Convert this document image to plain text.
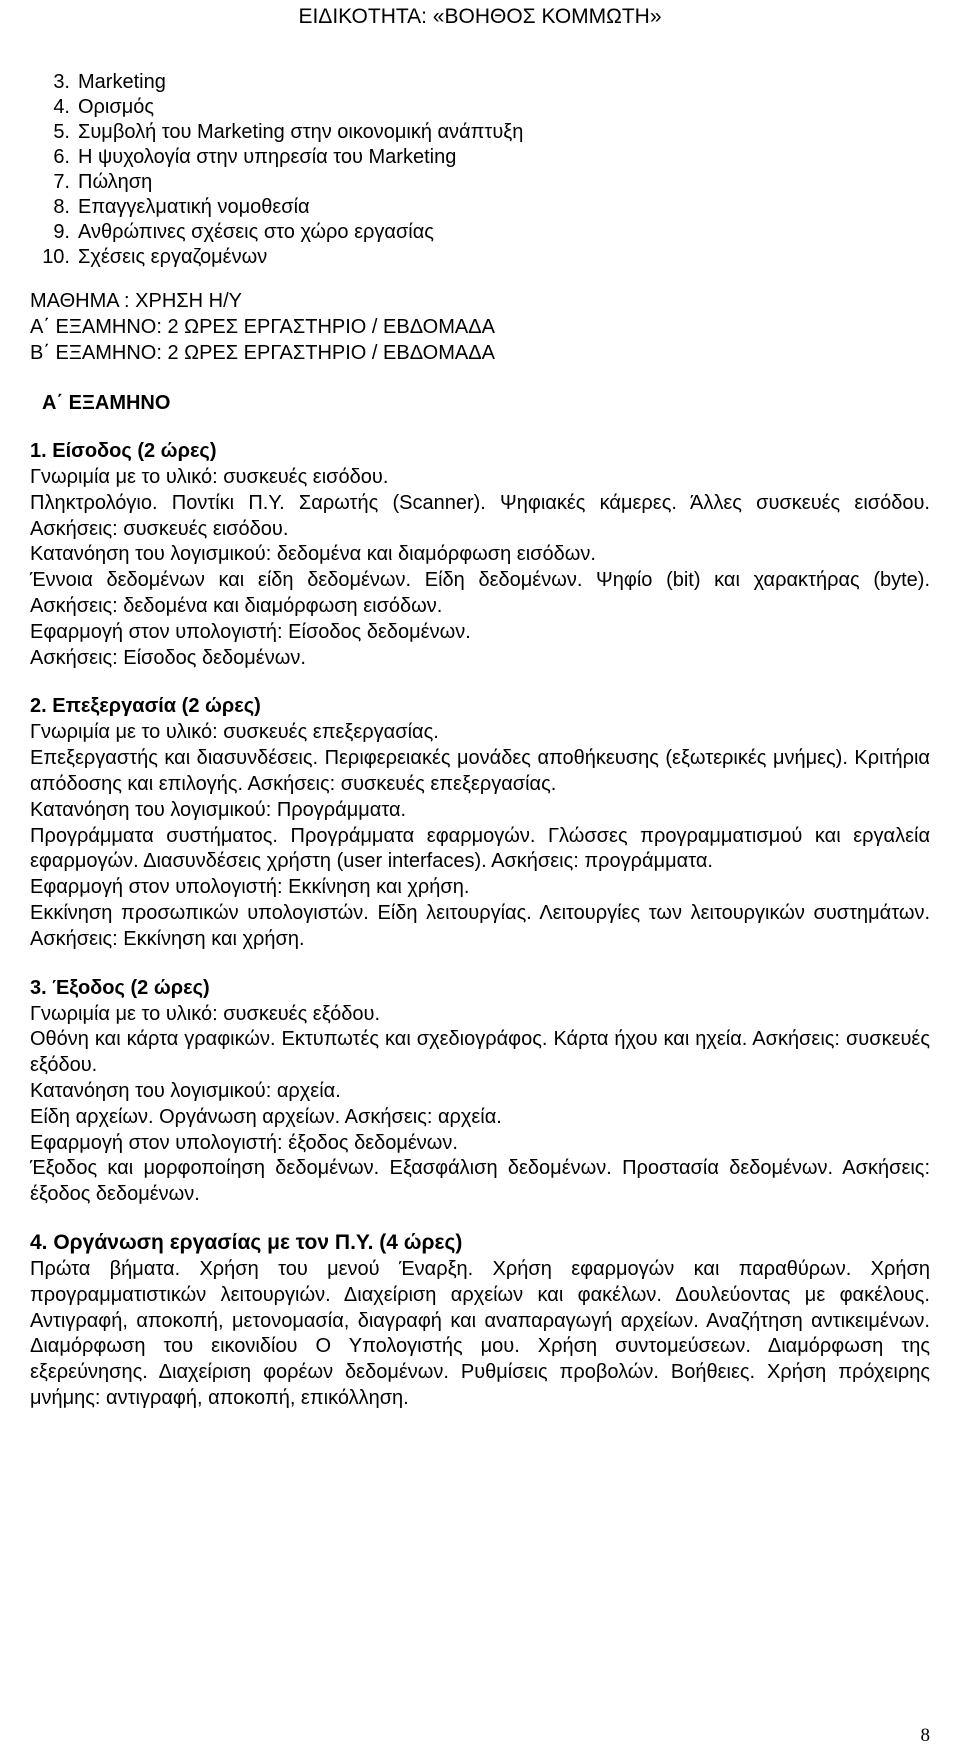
ΕΙΔΙΚΟΤΗΤΑ: «ΒΟΗΘΟΣ ΚΟΜΜΩΤΗ»
3. Marketing
4. Ορισμός
5. Συμβολή του Marketing στην οικονομική ανάπτυξη
6. Η ψυχολογία στην υπηρεσία του Marketing
7. Πώληση
8. Επαγγελματική νομοθεσία
9. Ανθρώπινες σχέσεις στο χώρο εργασίας
10. Σχέσεις εργαζομένων
ΜΑΘΗΜΑ : ΧΡΗΣΗ Η/Υ
Α΄ ΕΞΑΜΗΝΟ: 2 ΩΡΕΣ ΕΡΓΑΣΤΗΡΙΟ / ΕΒΔΟΜΑΔΑ
Β΄ ΕΞΑΜΗΝΟ: 2 ΩΡΕΣ ΕΡΓΑΣΤΗΡΙΟ / ΕΒΔΟΜΑΔΑ
Α΄ ΕΞΑΜΗΝΟ
1. Είσοδος (2 ώρες)

Γνωριμία με το υλικό: συσκευές εισόδου.

Πληκτρολόγιο. Ποντίκι Π.Υ. Σαρωτής (Scanner). Ψηφιακές κάμερες. Άλλες συσκευές εισόδου. Ασκήσεις: συσκευές εισόδου.

Κατανόηση του λογισμικού: δεδομένα και διαμόρφωση εισόδων.

Έννοια δεδομένων και είδη δεδομένων. Είδη δεδομένων. Ψηφίο (bit) και χαρακτήρας (byte). Ασκήσεις: δεδομένα και διαμόρφωση εισόδων.

Εφαρμογή στον υπολογιστή: Είσοδος δεδομένων.

Ασκήσεις: Είσοδος δεδομένων.

2. Επεξεργασία (2 ώρες)

Γνωριμία με το υλικό: συσκευές επεξεργασίας.

Επεξεργαστής και διασυνδέσεις. Περιφερειακές μονάδες αποθήκευσης (εξωτερικές μνήμες). Κριτήρια απόδοσης και επιλογής. Ασκήσεις: συσκευές επεξεργασίας.

Κατανόηση του λογισμικού: Προγράμματα.

Προγράμματα συστήματος. Προγράμματα εφαρμογών. Γλώσσες προγραμματισμού και εργαλεία εφαρμογών. Διασυνδέσεις χρήστη (user interfaces). Ασκήσεις: προγράμματα.

Εφαρμογή στον υπολογιστή: Εκκίνηση και χρήση.

Εκκίνηση προσωπικών υπολογιστών. Είδη λειτουργίας. Λειτουργίες των λειτουργικών συστημάτων. Ασκήσεις: Εκκίνηση και χρήση.

3. Έξοδος (2 ώρες)

Γνωριμία με το υλικό: συσκευές εξόδου.

Οθόνη και κάρτα γραφικών. Εκτυπωτές και σχεδιογράφος. Κάρτα ήχου και ηχεία. Ασκήσεις: συσκευές εξόδου.

Κατανόηση του λογισμικού: αρχεία.

Είδη αρχείων. Οργάνωση αρχείων. Ασκήσεις: αρχεία.

Εφαρμογή στον υπολογιστή: έξοδος δεδομένων.

Έξοδος και μορφοποίηση δεδομένων. Εξασφάλιση δεδομένων. Προστασία δεδομένων. Ασκήσεις: έξοδος δεδομένων.

4. Οργάνωση εργασίας με τον Π.Υ. (4 ώρες)

Πρώτα βήματα. Χρήση του μενού Έναρξη. Χρήση εφαρμογών και παραθύρων. Χρήση προγραμματιστικών λειτουργιών. Διαχείριση αρχείων και φακέλων. Δουλεύοντας με φακέλους. Αντιγραφή, αποκοπή, μετονομασία, διαγραφή και αναπαραγωγή αρχείων. Αναζήτηση αντικειμένων. Διαμόρφωση του εικονιδίου Ο Υπολογιστής μου. Χρήση συντομεύσεων. Διαμόρφωση της εξερεύνησης. Διαχείριση φορέων δεδομένων. Ρυθμίσεις προβολών. Βοήθειες. Χρήση πρόχειρης μνήμης: αντιγραφή, αποκοπή, επικόλληση.

8
